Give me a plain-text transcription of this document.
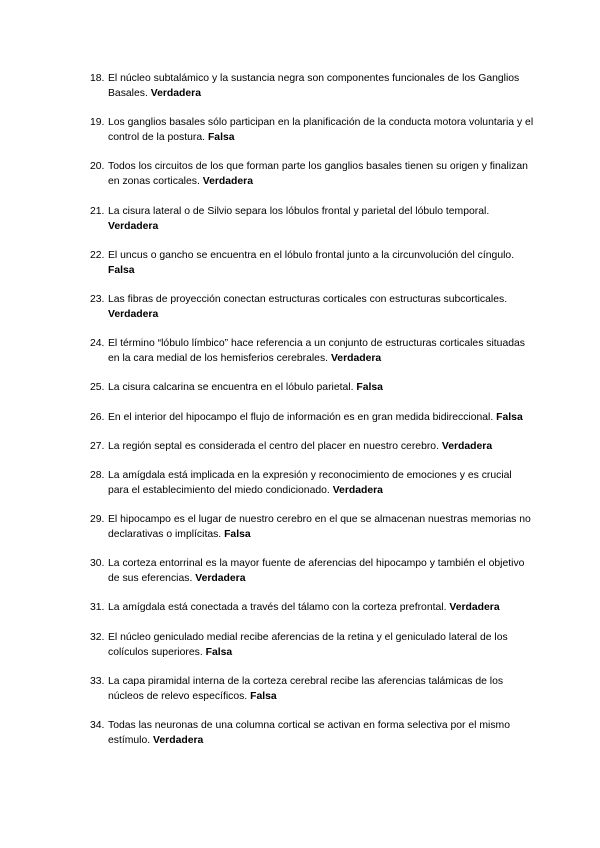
18. El núcleo subtalámico y la sustancia negra son componentes funcionales de los Ganglios Basales. Verdadera
19. Los ganglios basales sólo participan en la planificación de la conducta motora voluntaria y el control de la postura. Falsa
20. Todos los circuitos de los que forman parte los ganglios basales tienen su origen y finalizan en zonas corticales. Verdadera
21. La cisura lateral o de Silvio separa los lóbulos frontal y parietal del lóbulo temporal. Verdadera
22. El uncus o gancho se encuentra en el lóbulo frontal junto a la circunvolución del cíngulo. Falsa
23. Las fibras de proyección conectan estructuras corticales con estructuras subcorticales. Verdadera
24. El término “lóbulo límbico” hace referencia a un conjunto de estructuras corticales situadas en la cara medial de los hemisferios cerebrales. Verdadera
25. La cisura calcarina se encuentra en el lóbulo parietal. Falsa
26. En el interior del hipocampo el flujo de información es en gran medida bidireccional. Falsa
27. La región septal es considerada el centro del placer en nuestro cerebro. Verdadera
28. La amígdala está implicada en la expresión y reconocimiento de emociones y es crucial para el establecimiento del miedo condicionado. Verdadera
29. El hipocampo es el lugar de nuestro cerebro en el que se almacenan nuestras memorias no declarativas o implícitas. Falsa
30. La corteza entorrinal es la mayor fuente de aferencias del hipocampo y también el objetivo de sus eferencias. Verdadera
31. La amígdala está conectada a través del tálamo con la corteza prefrontal. Verdadera
32. El núcleo geniculado medial recibe aferencias de la retina y el geniculado lateral de los colículos superiores. Falsa
33. La capa piramidal interna de la corteza cerebral recibe las aferencias talámicas de los núcleos de relevo específicos. Falsa
34. Todas las neuronas de una columna cortical se activan en forma selectiva por el mismo estímulo. Verdadera
